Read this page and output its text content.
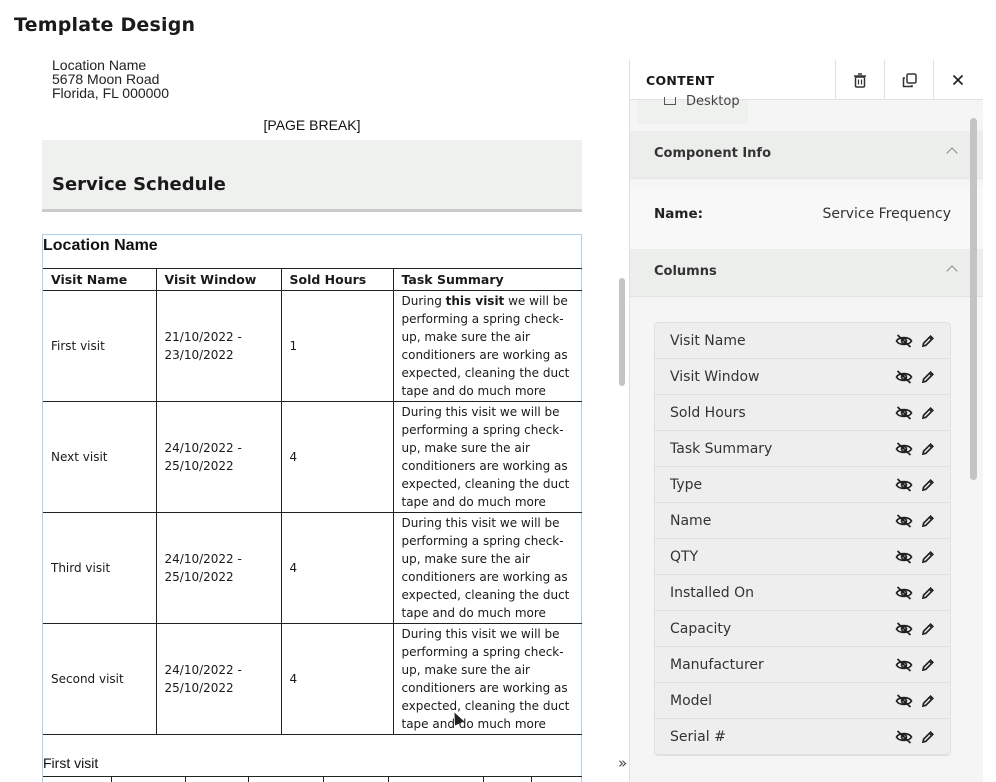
Template Design
Location Name
5678 Moon Road
Florida, FL 000000
[PAGE BREAK]
Service Schedule
Location Name
Visit Name	Visit Window	Sold Hours	Task Summary
First visit	21/10/2022 - 23/10/2022	1	During this visit we will be performing a spring check-up, make sure the air conditioners are working as expected, cleaning the duct tape and do much more
Next visit	24/10/2022 - 25/10/2022	4	During this visit we will be performing a spring check-up, make sure the air conditioners are working as expected, cleaning the duct tape and do much more
Third visit	24/10/2022 - 25/10/2022	4	During this visit we will be performing a spring check-up, make sure the air conditioners are working as expected, cleaning the duct tape and do much more
Second visit	24/10/2022 - 25/10/2022	4	During this visit we will be performing a spring check-up, make sure the air conditioners are working as expected, cleaning the duct tape and do much more
First visit	»
CONTENT
Desktop
Component Info
Name:	Service Frequency
Columns
Visit Name
Visit Window
Sold Hours
Task Summary
Type
Name
QTY
Installed On
Capacity
Manufacturer
Model
Serial #
